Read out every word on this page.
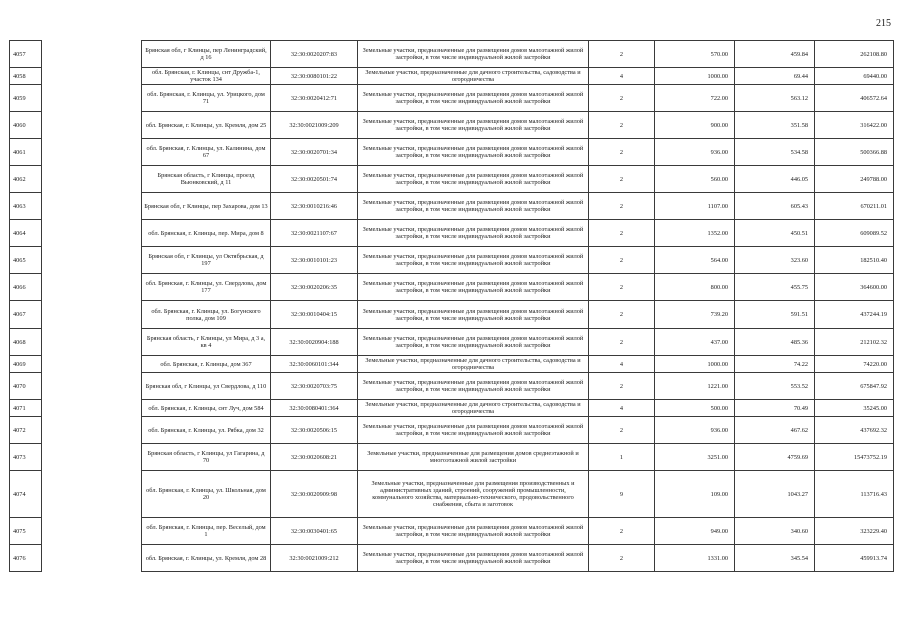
215
4057		Брянская обл, г Клинцы, пер Ленинградский, д 16	32:30:0020207:83	Земельные участки, предназначенные для размещения домов малоэтажной жилой застройки, в том числе индивидуальной жилой застройки	2	570.00	459.84	262108.80
4058		обл. Брянская, г. Клинцы, снт Дружба-1, участок 134	32:30:0080101:22	Земельные участки, предназначенные для дачного строительства, садоводства и огородничества	4	1000.00	69.44	69440.00
4059		обл. Брянская, г. Клинцы, ул. Урицкого, дом 71	32:30:0020412:71	Земельные участки, предназначенные для размещения домов малоэтажной жилой застройки, в том числе индивидуальной жилой застройки	2	722.00	563.12	406572.64
4060		обл. Брянская, г. Клинцы, ул. Кремля, дом 25	32:30:0021009:209	Земельные участки, предназначенные для размещения домов малоэтажной жилой застройки, в том числе индивидуальной жилой застройки	2	900.00	351.58	316422.00
4061		обл. Брянская, г. Клинцы, ул. Калинина, дом 67	32:30:0020701:34	Земельные участки, предназначенные для размещения домов малоэтажной жилой застройки, в том числе индивидуальной жилой застройки	2	936.00	534.58	500366.88
4062		Брянская область, г Клинцы, проезд Вьюнковский, д 11	32:30:0020501:74	Земельные участки, предназначенные для размещения домов малоэтажной жилой застройки, в том числе индивидуальной жилой застройки	2	560.00	446.05	249788.00
4063		Брянская обл, г Клинцы, пер Захарова, дом 13	32:30:0010216:46	Земельные участки, предназначенные для размещения домов малоэтажной жилой застройки, в том числе индивидуальной жилой застройки	2	1107.00	605.43	670211.01
4064		обл. Брянская, г. Клинцы, пер. Мира, дом 8	32:30:0021107:67	Земельные участки, предназначенные для размещения домов малоэтажной жилой застройки, в том числе индивидуальной жилой застройки	2	1352.00	450.51	609089.52
4065		Брянская обл, г Клинцы, ул Октябрьская, д 197	32:30:0010101:23	Земельные участки, предназначенные для размещения домов малоэтажной жилой застройки, в том числе индивидуальной жилой застройки	2	564.00	323.60	182510.40
4066		обл. Брянская, г. Клинцы, ул. Свердлова, дом 177	32:30:0020206:35	Земельные участки, предназначенные для размещения домов малоэтажной жилой застройки, в том числе индивидуальной жилой застройки	2	800.00	455.75	364600.00
4067		обл. Брянская, г. Клинцы, ул. Богунского полка, дом 109	32:30:0010404:15	Земельные участки, предназначенные для размещения домов малоэтажной жилой застройки, в том числе индивидуальной жилой застройки	2	739.20	591.51	437244.19
4068		Брянская область, г Клинцы, ул Мира, д 3 а, кв 4	32:30:0020904:188	Земельные участки, предназначенные для размещения домов малоэтажной жилой застройки, в том числе индивидуальной жилой застройки	2	437.00	485.36	212102.32
4069		обл. Брянская, г. Клинцы, дом 367	32:30:0060101:344	Земельные участки, предназначенные для дачного строительства, садоводства и огородничества	4	1000.00	74.22	74220.00
4070		Брянская обл, г Клинцы, ул Свердлова, д 110	32:30:0020703:75	Земельные участки, предназначенные для размещения домов малоэтажной жилой застройки, в том числе индивидуальной жилой застройки	2	1221.00	553.52	675847.92
4071		обл. Брянская, г. Клинцы, снт Луч, дом 584	32:30:0080401:364	Земельные участки, предназначенные для дачного строительства, садоводства и огородничества	4	500.00	70.49	35245.00
4072		обл. Брянская, г. Клинцы, ул. Рябка, дом 32	32:30:0020506:15	Земельные участки, предназначенные для размещения домов малоэтажной жилой застройки, в том числе индивидуальной жилой застройки	2	936.00	467.62	437692.32
4073		Брянская область, г Клинцы, ул Гагарина, д 70	32:30:0020608:21	Земельные участки, предназначенные для размещения домов среднеэтажной и многоэтажной жилой застройки	1	3251.00	4759.69	15473752.19
4074		обл. Брянская, г. Клинцы, ул. Школьная, дом 20	32:30:0020909:98	Земельные участки, предназначенные для размещения производственных и административных зданий, строений, сооружений промышленности, коммунального хозяйства, материально-технического, продовольственного снабжения, сбыта и заготовок	9	109.00	1043.27	113716.43
4075		обл. Брянская, г. Клинцы, пер. Веселый, дом 1	32:30:0030401:65	Земельные участки, предназначенные для размещения домов малоэтажной жилой застройки, в том числе индивидуальной жилой застройки	2	949.00	340.60	323229.40
4076		обл. Брянская, г. Клинцы, ул. Кремля, дом 28	32:30:0021009:212	Земельные участки, предназначенные для размещения домов малоэтажной жилой застройки, в том числе индивидуальной жилой застройки	2	1331.00	345.54	459913.74
